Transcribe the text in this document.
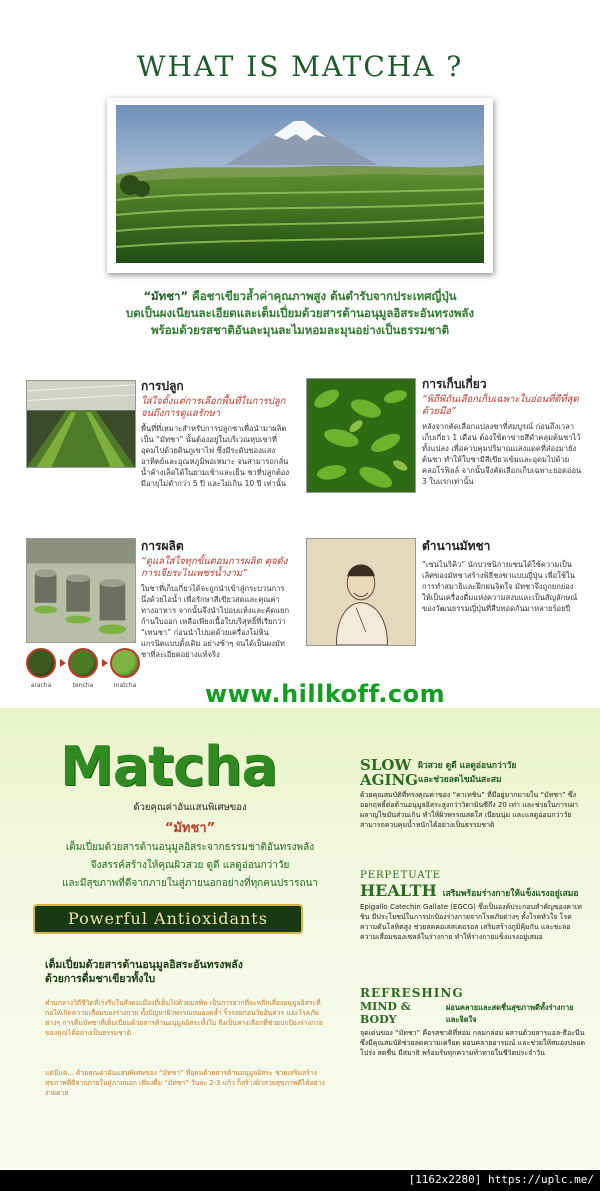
WHAT IS MATCHA ?
“มัทชา” คือชาเขียวล้ำค่าคุณภาพสูง ต้นตำรับจากประเทศญี่ปุ่น
บดเป็นผงเนียนละเอียดและเต็มเปี่ยมด้วยสารต้านอนุมูลอิสระอันทรงพลัง
พร้อมด้วยรสชาติอันละมุนละไมหอมละมุนอย่างเป็นธรรมชาติ
การปลูก
ใส่ใจตั้งแต่การเลือกพื้นที่ในการปลูกจนถึงการดูแลรักษา
พื้นที่ที่เหมาะสำหรับการปลูกชาเพื่อนำมาผลิตเป็น “มัทชา” นั้นต้องอยู่ในบริเวณหุบเขาที่อุดมไปด้วยดินภูเขาไฟ ซึ่งมีระดับของแสงอาทิตย์และอุณหภูมิพอเหมาะ จนสามารถกลั่นน้ำค้างเล็ดได้ในยามเช้าและเย็น ชาที่ปลูกต้องมีอายุไม่ต่ำกว่า 5 ปี และไม่เกิน 10 ปี เท่านั้น
การเก็บเกี่ยว
“พิถีพิถันเลือกเก็บเฉพาะใบอ่อนที่ดีที่สุดด้วยมือ”
หลังจากคัดเลือกแปลงชาที่สมบูรณ์ ก่อนถึงเวลาเก็บเกี่ยว 1 เดือน ต้องใช้ตาข่ายสีดำคลุมต้นชาไว้ทั้งแปลง เพื่อควบคุมปริมาณแสงแดดที่ส่องมายังต้นชา ทำให้ใบชามีสีเขียวเข้มและอุดมไปด้วยคลอโรฟิลล์ จากนั้นจึงคัดเลือกเก็บเฉพาะยอดอ่อน 3 ใบแรกเท่านั้น
การผลิต
“ดูแลใส่ใจทุกขั้นตอนการผลิต ดุจดังการเจียระไนเพชรน้ำงาม”
ใบชาที่เก็บเกี่ยวได้จะถูกนำเข้าสู่กระบวนการนึ่งด้วยไอน้ำ เพื่อรักษาสีเขียวสดและคุณค่าทางอาหาร จากนั้นจึงนำไปอบแห้งและคัดแยกก้านใบออก เหลือเพียงเนื้อใบบริสุทธิ์ที่เรียกว่า “เทนชา” ก่อนนำไปบดด้วยเครื่องโม่หินแกรนิตแบบดั้งเดิม อย่างช้าๆ จนได้เป็นผงมัทชาที่ละเอียดอย่างแท้จริง
aracha	tencha	matcha
ตำนานมัทชา
“เซนไนริคิว” นักบวชนิกายเซนได้ใช้ความเป็นเลิศของมัทชาสร้างพิธีชงชาแบบญี่ปุ่น เพื่อใช้ในการทำสมาธิและฝึกฝนจิตใจ มัทชาจึงถูกยกย่องให้เป็นเครื่องดื่มแห่งความสงบและเป็นสัญลักษณ์ของวัฒนธรรมญี่ปุ่นที่สืบทอดกันมาหลายร้อยปี
www.hillkoff.com
Matcha
ด้วยคุณค่าอันแสนพิเศษของ
“มัทชา”
เต็มเปี่ยมด้วยสารต้านอนุมูลอิสระจากธรรมชาติอันทรงพลัง
จึงสรรค์สร้างให้คุณผิวสวย ดูดี แลดูอ่อนกว่าวัย
และมีสุขภาพที่ดีจากภายในสู่ภายนอกอย่างที่ทุกคนปรารถนา
Powerful Antioxidants
เต็มเปี่ยมด้วยสารต้านอนุมูลอิสระอันทรงพลัง
ด้วยการดื่มชาเขียวทั้งใบ
ทำมกลางวิถีชีวิตที่เร่งรีบในสังคมเมืองที่เต็มไปด้วยมลพิษ เป็นการยากที่จะหลีกเลี่ยงอนุมูลอิสระที่ก่อให้เกิดความเสื่อมของร่างกาย ทั้งปัญหาผิวพรรณหมองคล้ำ ริ้วรอยก่อนวัยอันควร และโรคภัยต่างๆ การดื่มมัทชาที่เต็มเปี่ยมด้วยสารต้านอนุมูลอิสระทั้งใบ จึงเป็นทางเลือกที่ช่วยปกป้องร่างกายของคุณได้อย่างเป็นธรรมชาติ
แต่นี่แค่... ด้วยคุณค่าอันแสนพิเศษของ “มัทชา” ที่อุดมด้วยสารต้านอนุมูลอิสระ ช่วยเสริมสร้างสุขภาพที่ดีจากภายในสู่ภายนอก เพียงดื่ม “มัทชา” วันละ 2-3 แก้ว ก็สร้างผิวสวยสุขภาพดีได้อย่างง่ายดาย
SLOW
AGING
ผิวสวย ดูดี แลดูอ่อนกว่าวัย
และช่วยลดไขมันสะสม
ด้วยคุณสมบัติที่ทรงคุณค่าของ “คาเทชิน” ที่มีอยู่มากมายใน “มัทชา” ซึ่งออกฤทธิ์ต่อต้านอนุมูลอิสระสูงกว่าวิตามินซีถึง 20 เท่า และช่วยในการเผาผลาญไขมันส่วนเกิน ทำให้ผิวพรรณสดใส เนียนนุ่ม และแลดูอ่อนกว่าวัย สามารถควบคุมน้ำหนักได้อย่างเป็นธรรมชาติ
PERPETUATE
HEALTH เสริมพร้อมร่างกายให้แข็งแรงอยู่เสมอ
Epigallo Catechin Gallate (EGCG) ซึ่งเป็นองค์ประกอบสำคัญของคาเทชิน มีประโยชน์ในการปกป้องร่างกายจากโรคภัยต่างๆ ทั้งโรคหัวใจ โรคความดันโลหิตสูง ช่วยลดคอเลสเตอรอล เสริมสร้างภูมิคุ้มกัน และชะลอความเสื่อมของเซลล์ในร่างกาย ทำให้ร่างกายแข็งแรงอยู่เสมอ
REFRESHING
MIND & BODY
ผ่อนคลายและสดชื่นสุขภาพดีทั้งร่างกายและจิตใจ
จุดเด่นของ “มัทชา” คือรสชาติที่หอม กลมกล่อม ผสานด้วยสารแอล-ธีอะนีน ซึ่งมีคุณสมบัติช่วยลดความเครียด ผ่อนคลายอารมณ์ และช่วยให้สมองปลอดโปร่ง สดชื่น มีสมาธิ พร้อมรับทุกความท้าทายในชีวิตประจำวัน
[1162x2280] https://uplc.me/
